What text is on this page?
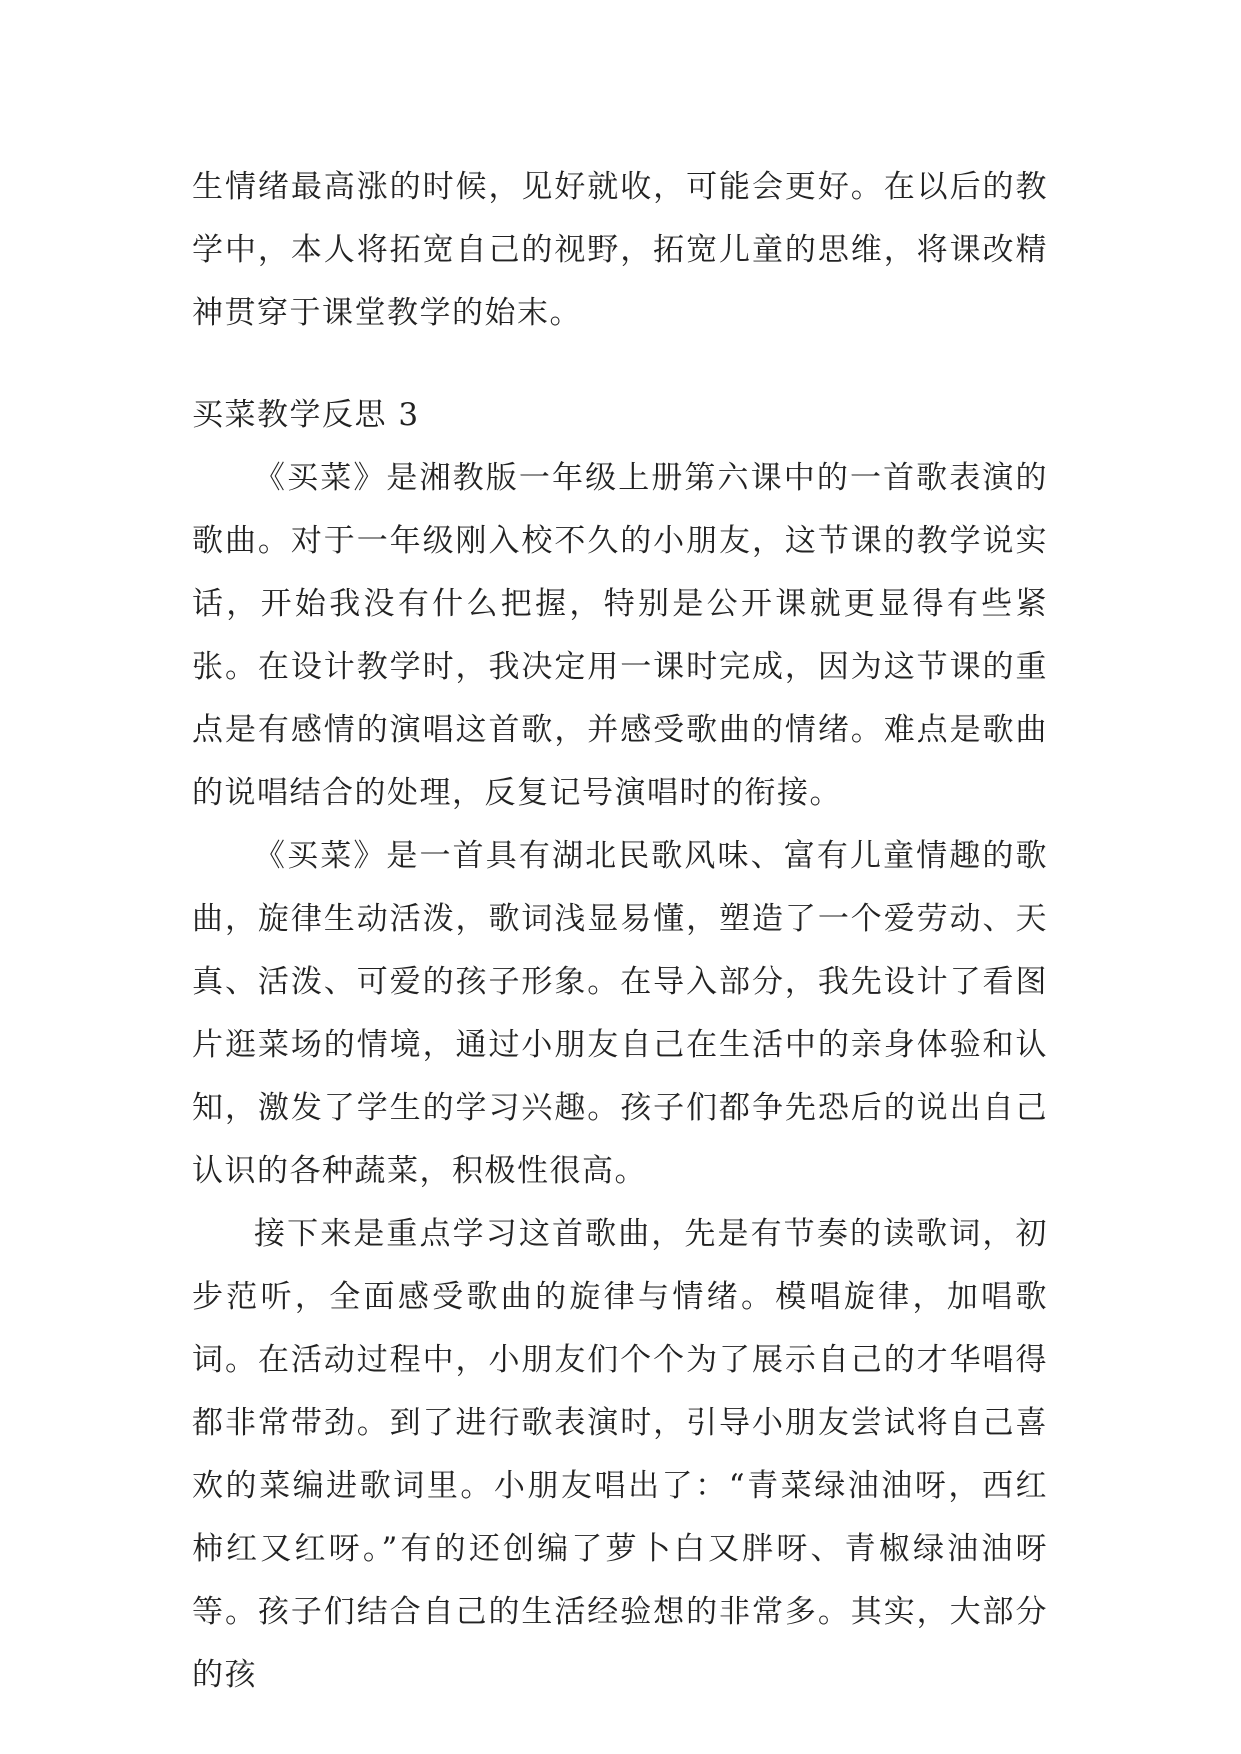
生情绪最高涨的时候，见好就收，可能会更好。在以后的教学中，本人将拓宽自己的视野，拓宽儿童的思维，将课改精神贯穿于课堂教学的始末。

买菜教学反思 3

《买菜》是湘教版一年级上册第六课中的一首歌表演的歌曲。对于一年级刚入校不久的小朋友，这节课的教学说实话，开始我没有什么把握，特别是公开课就更显得有些紧张。在设计教学时，我决定用一课时完成，因为这节课的重点是有感情的演唱这首歌，并感受歌曲的情绪。难点是歌曲的说唱结合的处理，反复记号演唱时的衔接。

《买菜》是一首具有湖北民歌风味、富有儿童情趣的歌曲，旋律生动活泼，歌词浅显易懂，塑造了一个爱劳动、天真、活泼、可爱的孩子形象。在导入部分，我先设计了看图片逛菜场的情境，通过小朋友自己在生活中的亲身体验和认知，激发了学生的学习兴趣。孩子们都争先恐后的说出自己认识的各种蔬菜，积极性很高。

接下来是重点学习这首歌曲，先是有节奏的读歌词，初步范听，全面感受歌曲的旋律与情绪。模唱旋律，加唱歌词。在活动过程中，小朋友们个个为了展示自己的才华唱得都非常带劲。到了进行歌表演时，引导小朋友尝试将自己喜欢的菜编进歌词里。小朋友唱出了：“青菜绿油油呀，西红柿红又红呀。”有的还创编了萝卜白又胖呀、青椒绿油油呀等。孩子们结合自己的生活经验想的非常多。其实，大部分的孩
